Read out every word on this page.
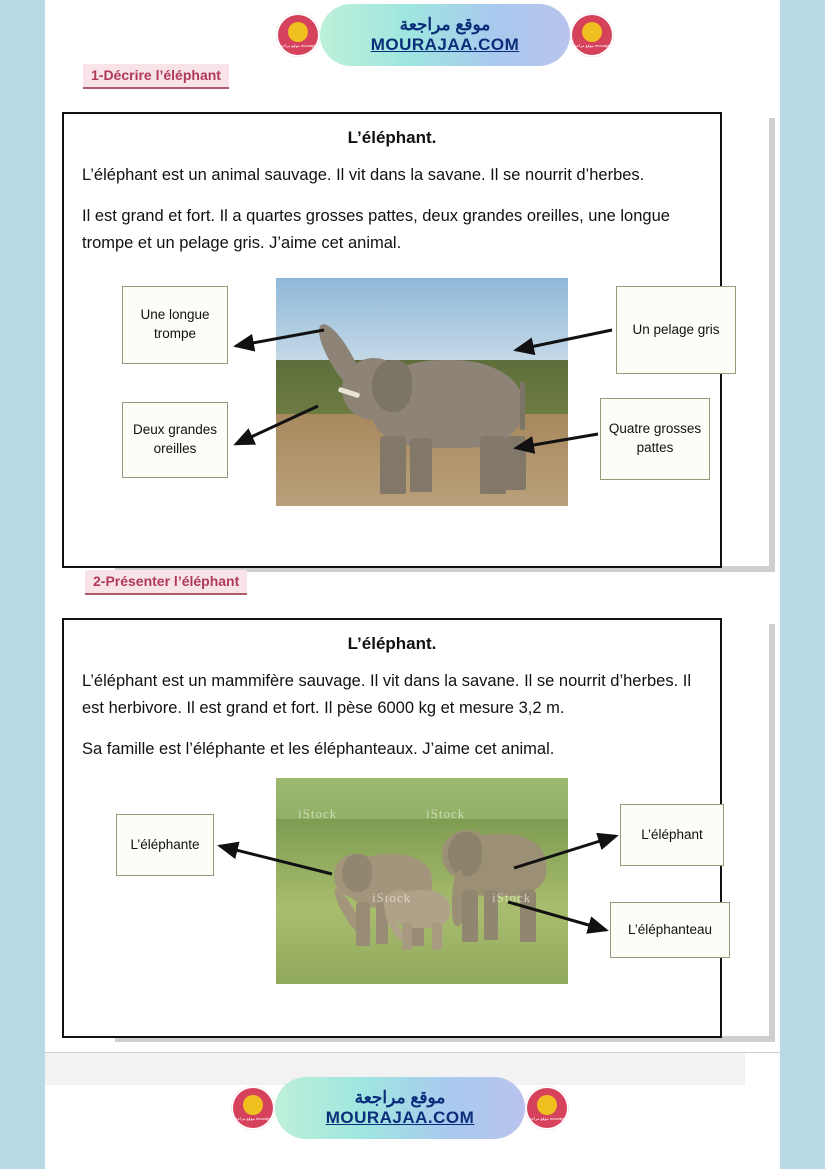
موقع مراجعة mourajaa
موقع مراجعة
MOURAJAA.COM	موقع مراجعة mourajaa
1-Décrire l’éléphant
L’éléphant.
L’éléphant est un animal sauvage. Il vit dans la savane. Il se nourrit d’herbes.
Il est grand et fort. Il a quartes grosses pattes, deux grandes oreilles, une longue trompe et un pelage gris. J’aime cet animal.
Une longue trompe
Deux grandes oreilles
Un pelage gris
Quatre grosses pattes
2-Présenter l’éléphant
L’éléphant.
L’éléphant est un mammifère sauvage. Il vit dans la savane. Il se nourrit d’herbes. Il est herbivore. Il est grand et fort. Il pèse 6000 kg et mesure 3,2 m.
Sa famille est l’éléphante et les éléphanteaux. J’aime cet animal.
iStock	iStock
iStock	iStock
L’éléphante
L’éléphant
L’éléphanteau
موقع مراجعة mourajaa
موقع مراجعة
MOURAJAA.COM	موقع مراجعة mourajaa
